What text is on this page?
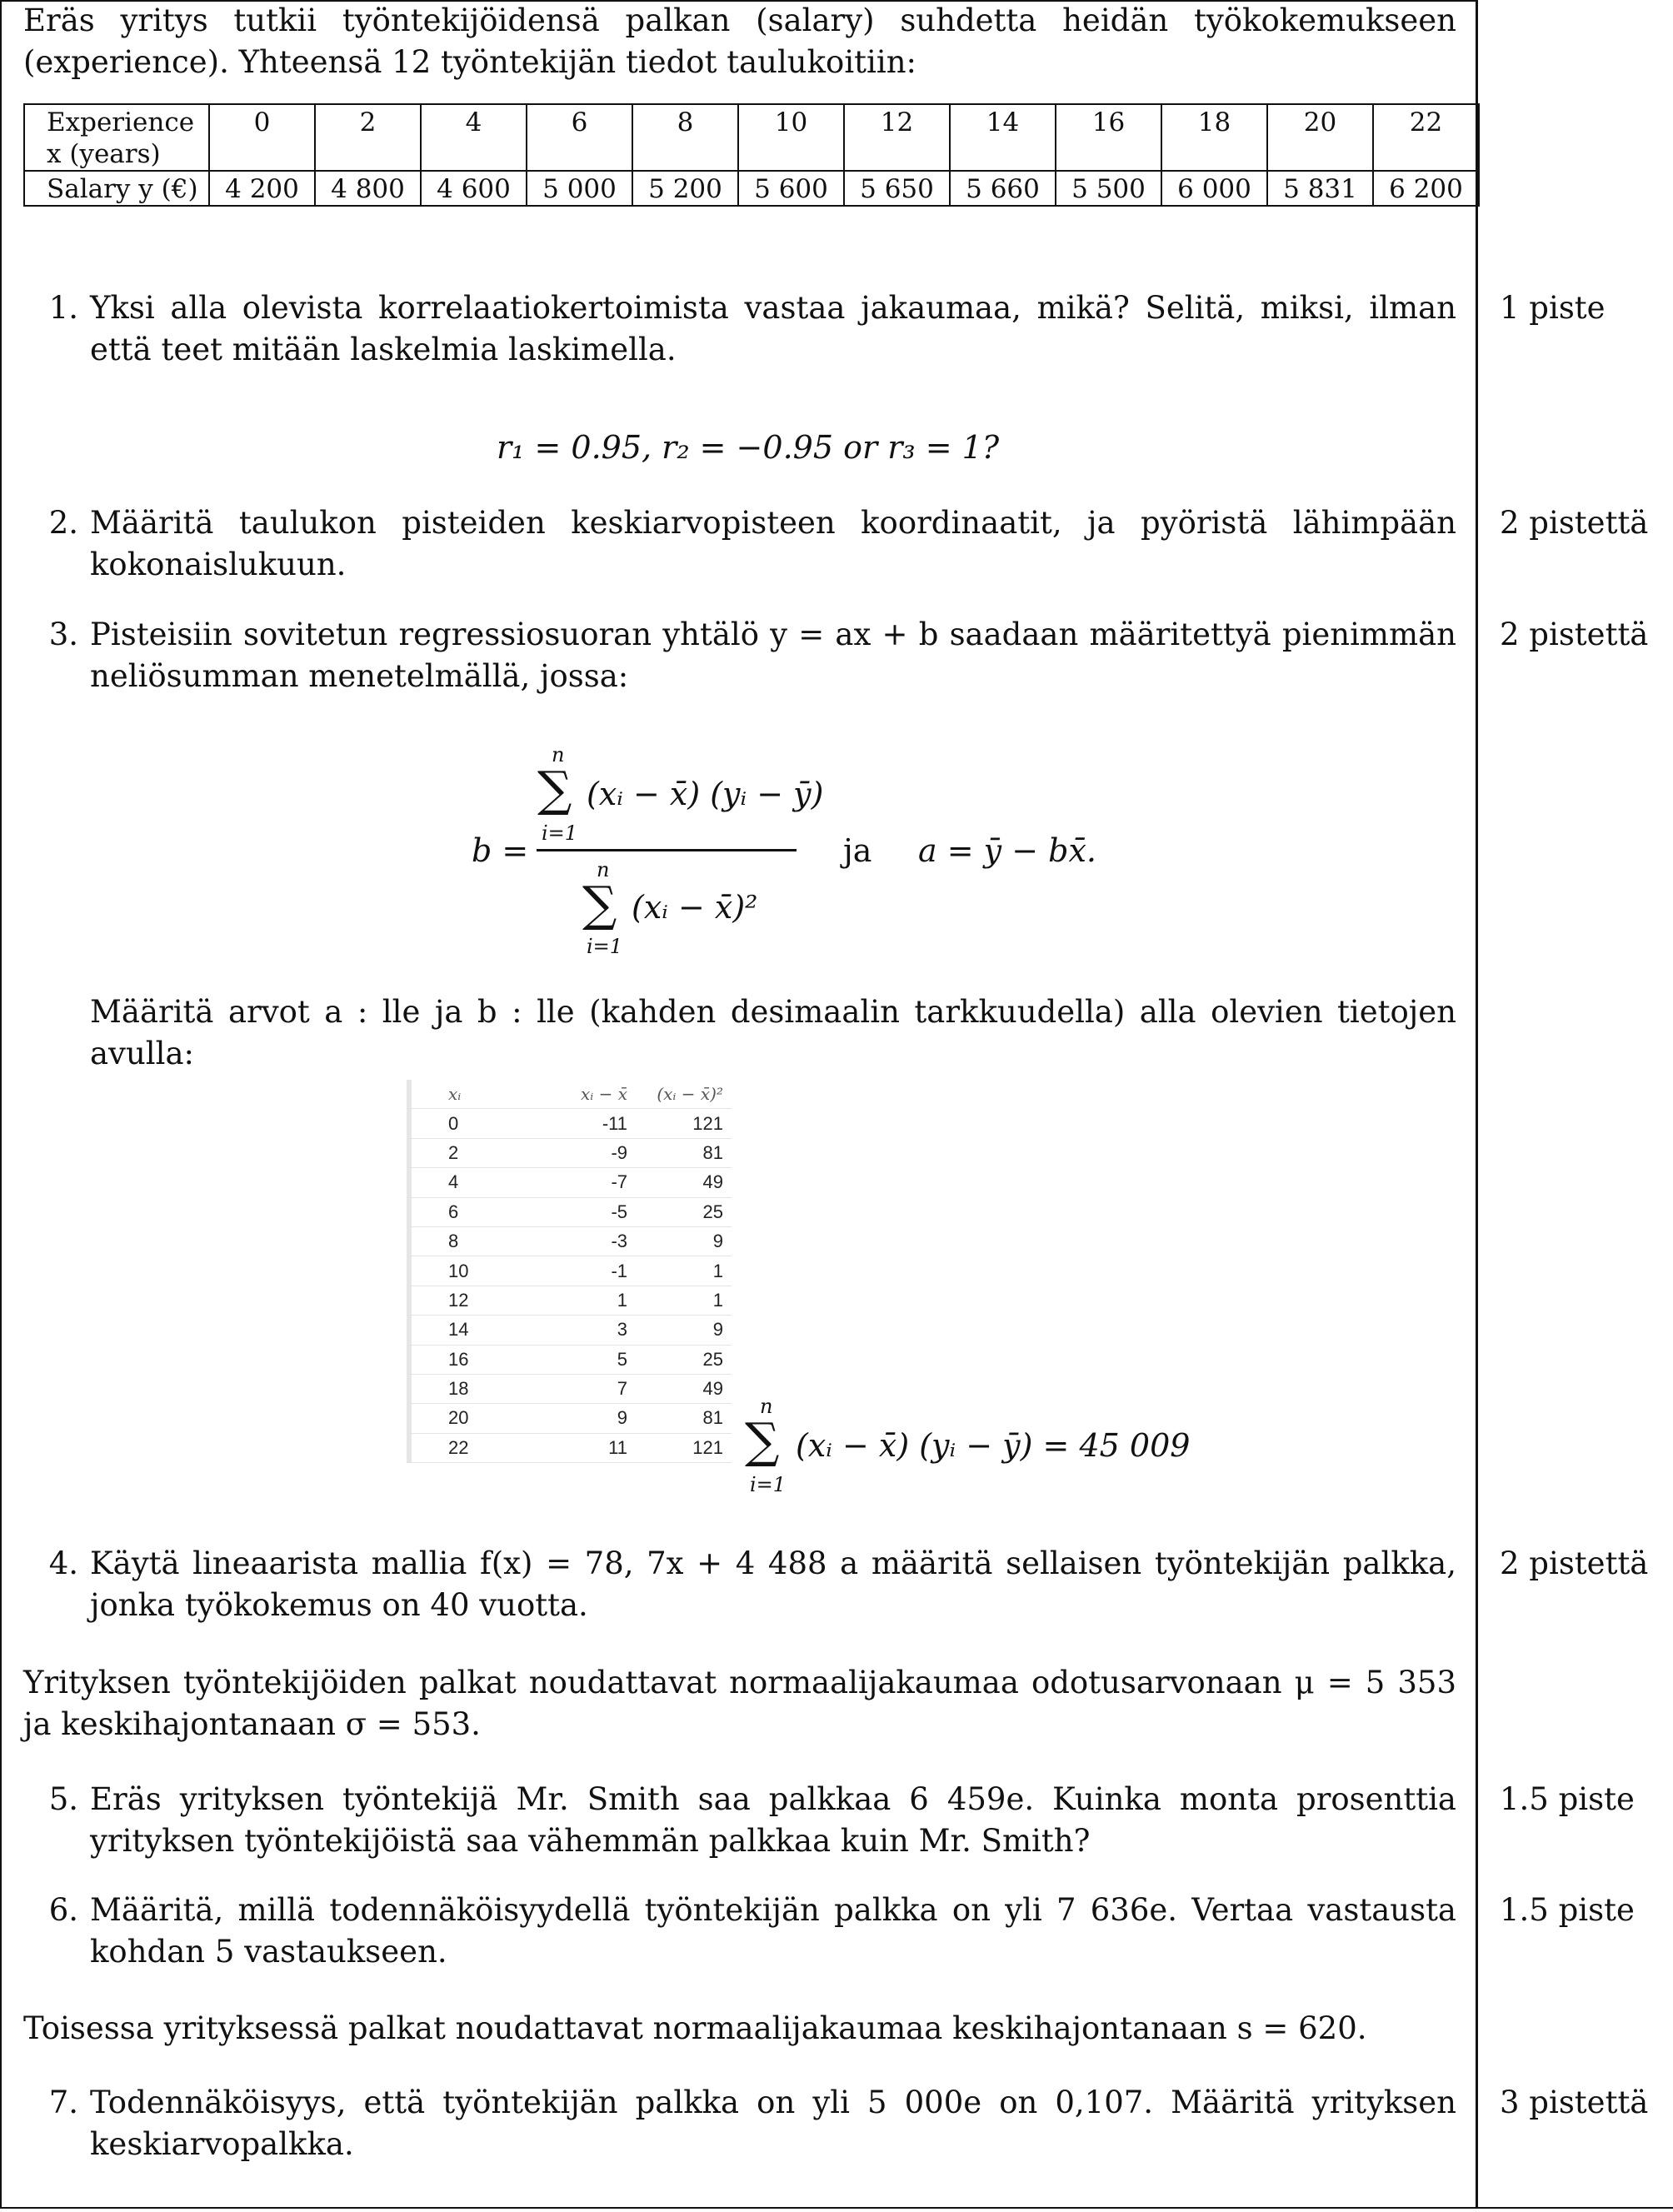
Eräs yritys tutkii työntekijöidensä palkan (salary) suhdetta heidän työkokemukseen (experience). Yhteensä 12 työntekijän tiedot taulukoitiin:
Experience x (years)	0	2	4	6	8	10	12	14	16	18	20	22
Salary y (€)	4 200	4 800	4 600	5 000	5 200	5 600	5 650	5 660	5 500	6 000	5 831	6 200
1. Yksi alla olevista korrelaatiokertoimista vastaa jakaumaa, mikä? Selitä, miksi, ilman että teet mitään laskelmia laskimella.
1 piste
r₁ = 0.95, r₂ = −0.95 or r₃ = 1?
2. Määritä taulukon pisteiden keskiarvopisteen koordinaatit, ja pyöristä lähimpään kokonaislukuun.
2 pistettä
3. Pisteisiin sovitetun regressiosuoran yhtälö y = ax + b saadaan määritettyä pienimmän neliösumman menetelmällä, jossa:
2 pistettä
b =
n
∑
i=1
(xᵢ − x̄) (yᵢ − ȳ)
n
∑
i=1
(xᵢ − x̄)²
ja a = ȳ − bx̄.
Määritä arvot a : lle ja b : lle (kahden desimaalin tarkkuudella) alla olevien tietojen avulla:
xᵢ	xᵢ − x̄	(xᵢ − x̄)²
0	-11	121
2	-9	81
4	-7	49
6	-5	25
8	-3	9
10	-1	1
12	1	1
14	3	9
16	5	25
18	7	49
20	9	81
22	11	121
n
∑
i=1
(xᵢ − x̄) (yᵢ − ȳ) = 45 009
4. Käytä lineaarista mallia f(x) = 78, 7x + 4 488 a määritä sellaisen työntekijän palkka, jonka työkokemus on 40 vuotta.
2 pistettä
Yrityksen työntekijöiden palkat noudattavat normaalijakaumaa odotusarvonaan μ = 5 353 ja keskihajontanaan σ = 553.
5. Eräs yrityksen työntekijä Mr. Smith saa palkkaa 6 459e. Kuinka monta prosenttia yrityksen työntekijöistä saa vähemmän palkkaa kuin Mr. Smith?
1.5 piste
6. Määritä, millä todennäköisyydellä työntekijän palkka on yli 7 636e. Vertaa vastausta kohdan 5 vastaukseen.
1.5 piste
Toisessa yrityksessä palkat noudattavat normaalijakaumaa keskihajontanaan s = 620.
7. Todennäköisyys, että työntekijän palkka on yli 5 000e on 0,107. Määritä yrityksen keskiarvopalkka.
3 pistettä
